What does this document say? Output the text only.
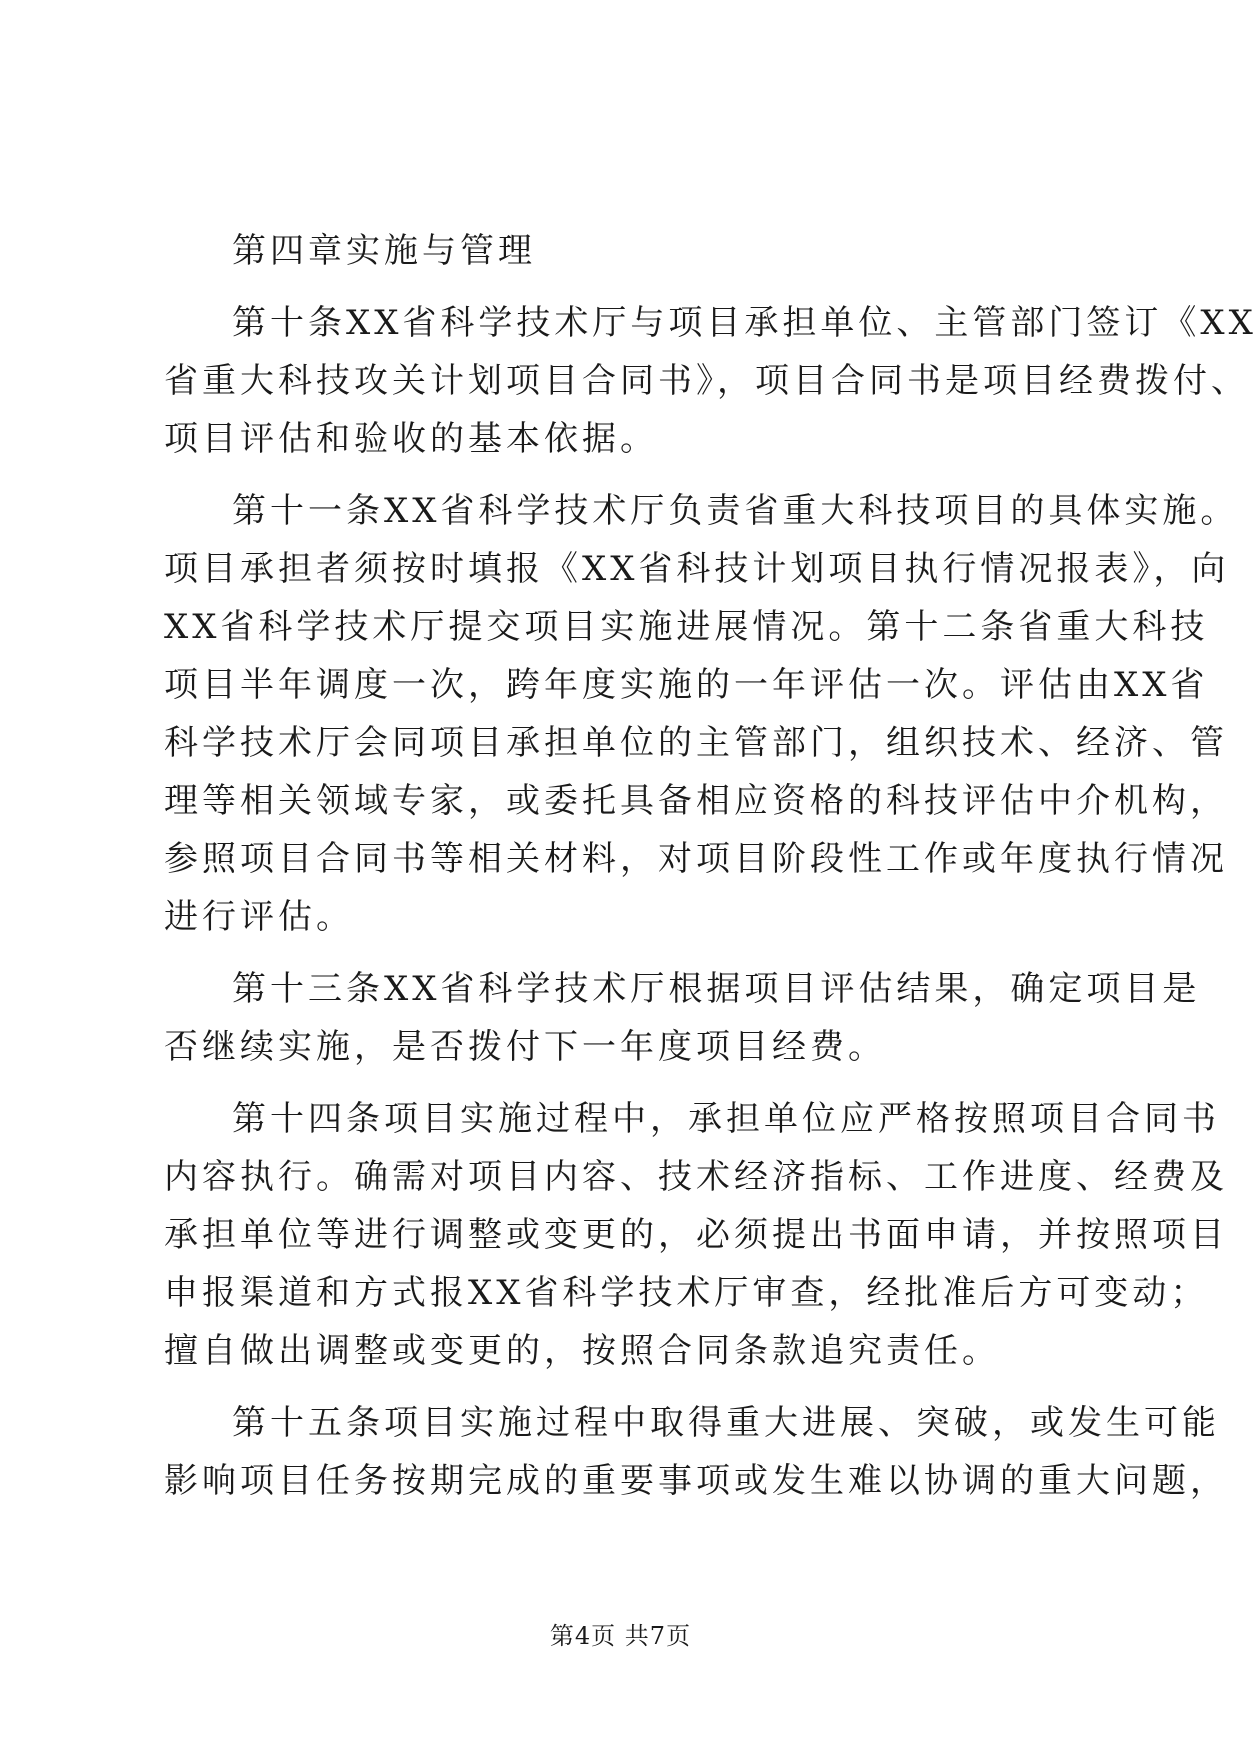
第四章实施与管理
第十条XX省科学技术厅与项目承担单位、主管部门签订《XX
省重大科技攻关计划项目合同书》，项目合同书是项目经费拨付、
项目评估和验收的基本依据。
第十一条XX省科学技术厅负责省重大科技项目的具体实施。
项目承担者须按时填报《XX省科技计划项目执行情况报表》，向
XX省科学技术厅提交项目实施进展情况。第十二条省重大科技
项目半年调度一次，跨年度实施的一年评估一次。评估由XX省
科学技术厅会同项目承担单位的主管部门，组织技术、经济、管
理等相关领域专家，或委托具备相应资格的科技评估中介机构，
参照项目合同书等相关材料，对项目阶段性工作或年度执行情况
进行评估。
第十三条XX省科学技术厅根据项目评估结果，确定项目是
否继续实施，是否拨付下一年度项目经费。
第十四条项目实施过程中，承担单位应严格按照项目合同书
内容执行。确需对项目内容、技术经济指标、工作进度、经费及
承担单位等进行调整或变更的，必须提出书面申请，并按照项目
申报渠道和方式报XX省科学技术厅审查，经批准后方可变动；
擅自做出调整或变更的，按照合同条款追究责任。
第十五条项目实施过程中取得重大进展、突破，或发生可能
影响项目任务按期完成的重要事项或发生难以协调的重大问题，
第4页 共7页
